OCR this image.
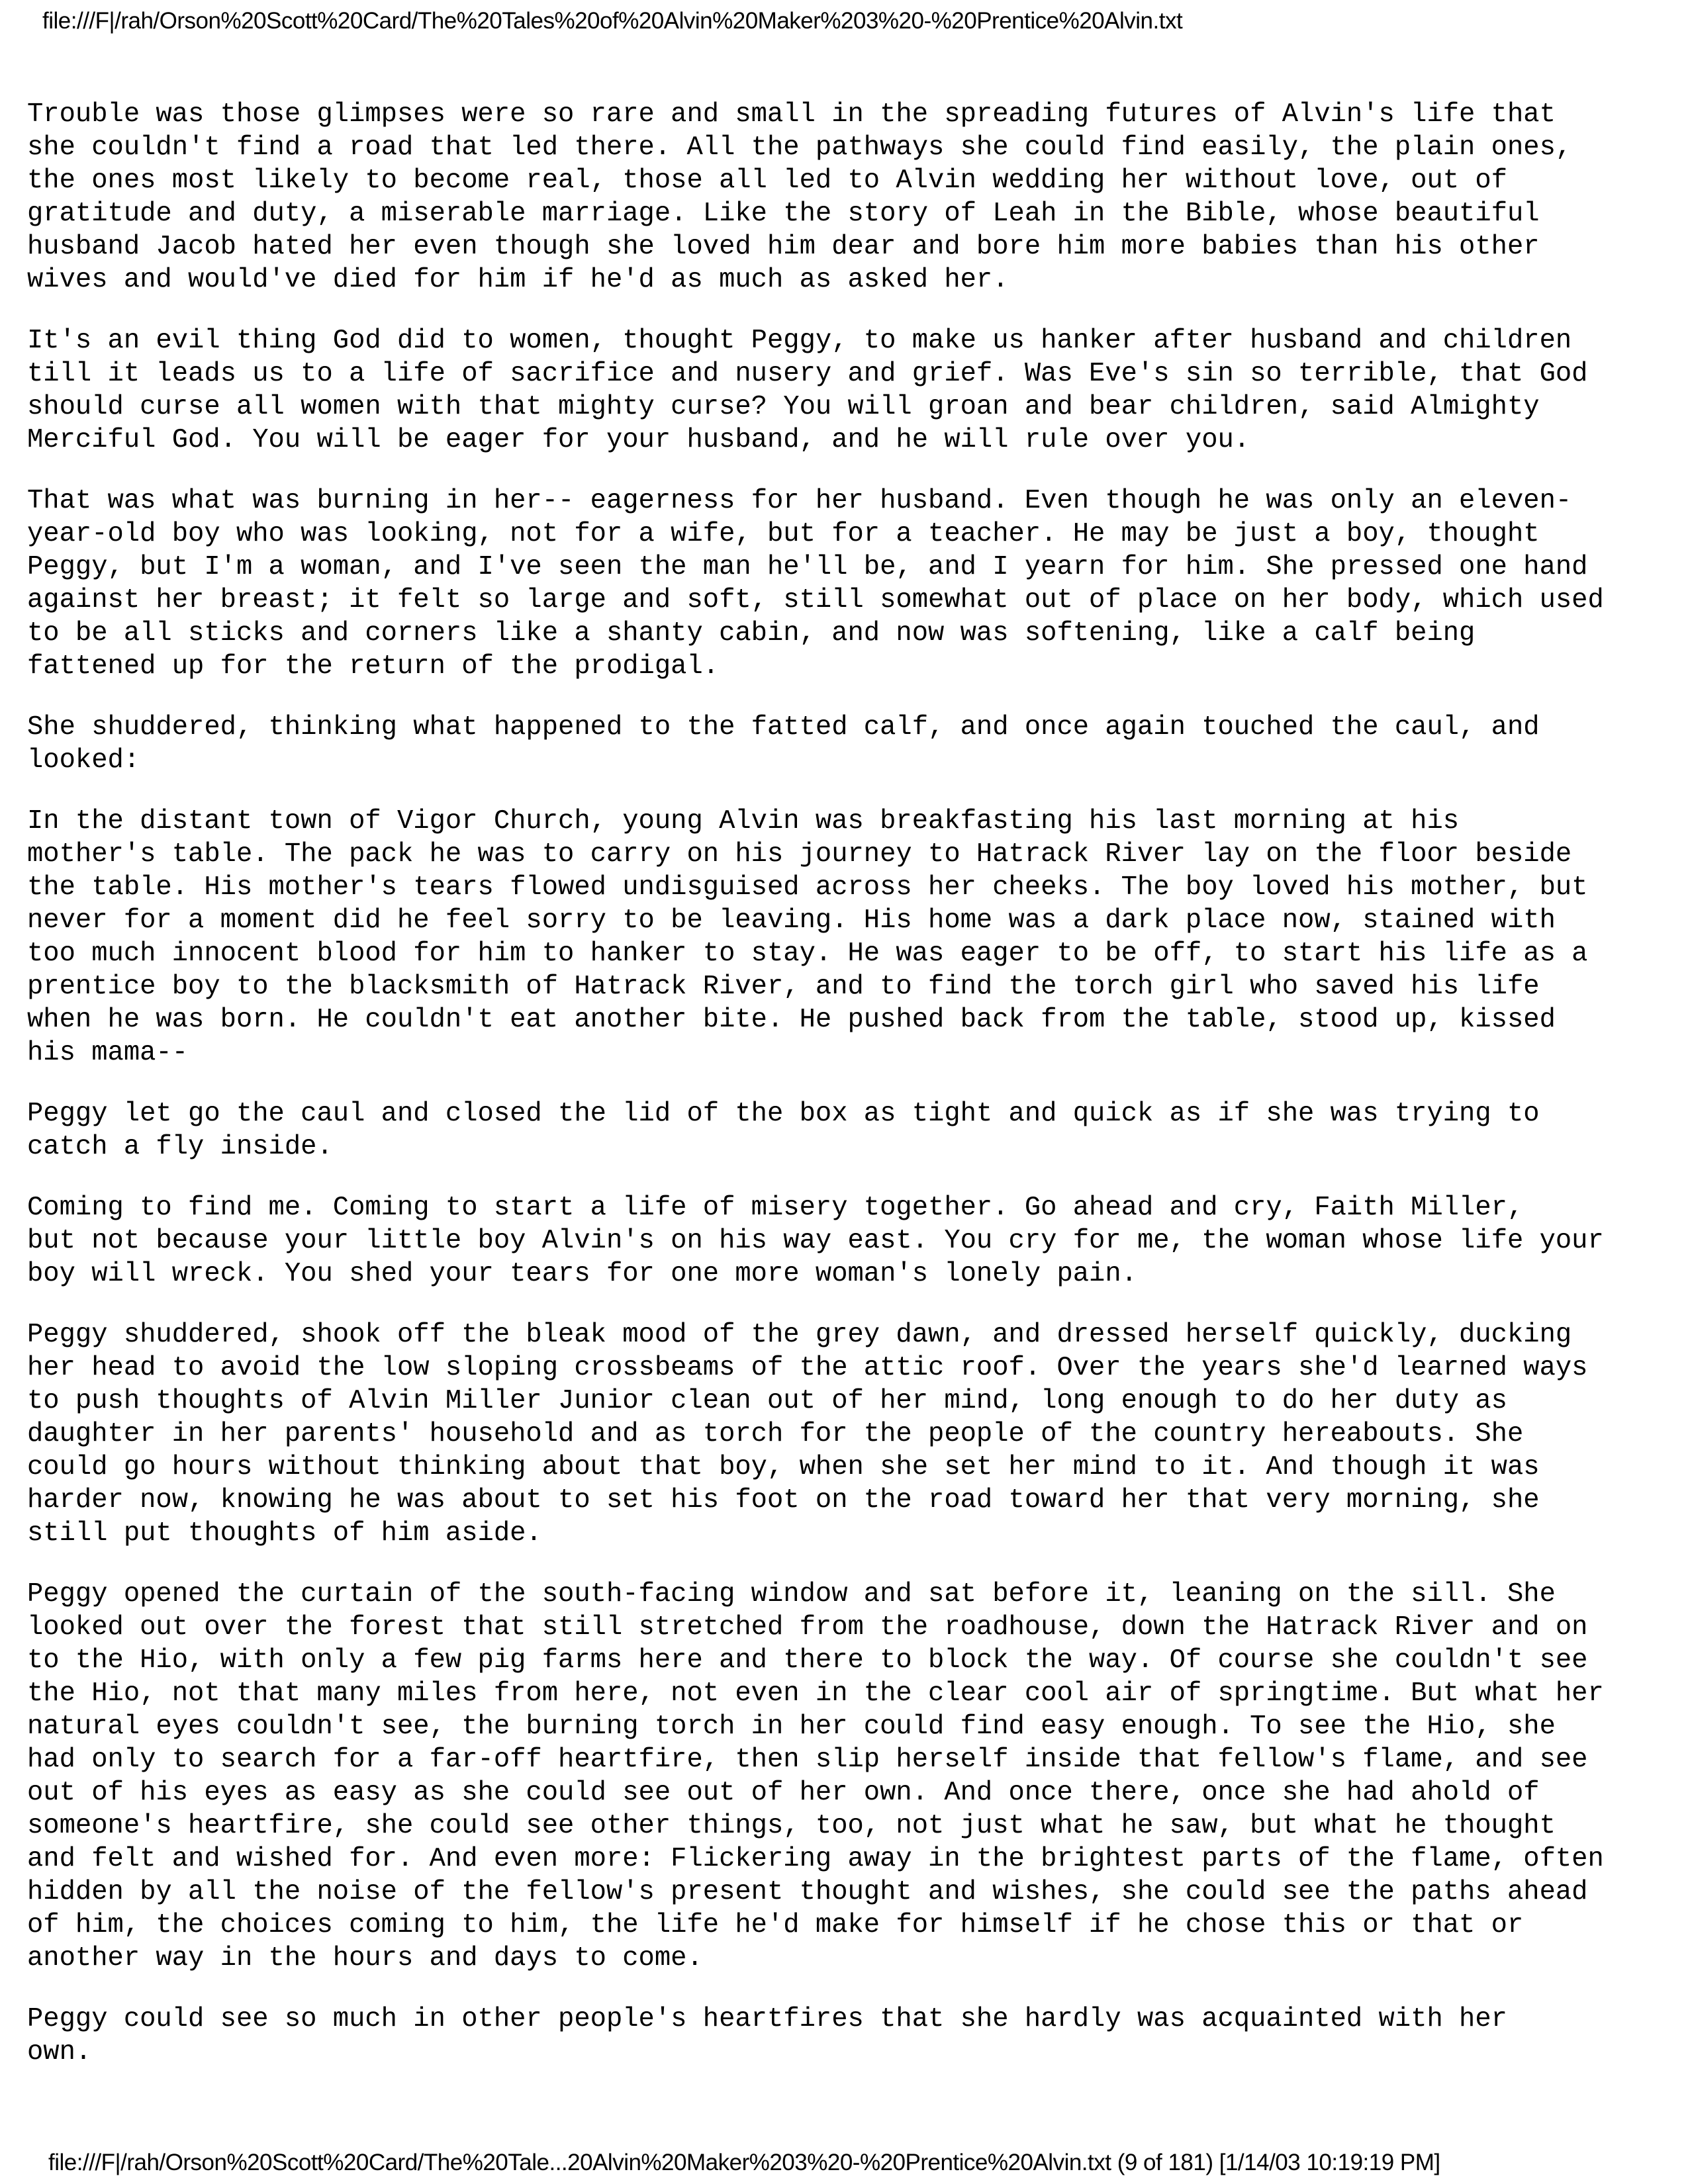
file:///F|/rah/Orson%20Scott%20Card/The%20Tales%20of%20Alvin%20Maker%203%20-%20Prentice%20Alvin.txt

Trouble was those glimpses were so rare and small in the spreading futures of Alvin's life that
she couldn't find a road that led there. All the pathways she could find easily, the plain ones,
the ones most likely to become real, those all led to Alvin wedding her without love, out of
gratitude and duty, a miserable marriage. Like the story of Leah in the Bible, whose beautiful
husband Jacob hated her even though she loved him dear and bore him more babies than his other
wives and would've died for him if he'd as much as asked her.

It's an evil thing God did to women, thought Peggy, to make us hanker after husband and children
till it leads us to a life of sacrifice and nusery and grief. Was Eve's sin so terrible, that God
should curse all women with that mighty curse? You will groan and bear children, said Almighty
Merciful God. You will be eager for your husband, and he will rule over you.

That was what was burning in her-- eagerness for her husband. Even though he was only an eleven-
year-old boy who was looking, not for a wife, but for a teacher. He may be just a boy, thought
Peggy, but I'm a woman, and I've seen the man he'll be, and I yearn for him. She pressed one hand
against her breast; it felt so large and soft, still somewhat out of place on her body, which used
to be all sticks and corners like a shanty cabin, and now was softening, like a calf being
fattened up for the return of the prodigal.

She shuddered, thinking what happened to the fatted calf, and once again touched the caul, and
looked:

In the distant town of Vigor Church, young Alvin was breakfasting his last morning at his
mother's table. The pack he was to carry on his journey to Hatrack River lay on the floor beside
the table. His mother's tears flowed undisguised across her cheeks. The boy loved his mother, but
never for a moment did he feel sorry to be leaving. His home was a dark place now, stained with
too much innocent blood for him to hanker to stay. He was eager to be off, to start his life as a
prentice boy to the blacksmith of Hatrack River, and to find the torch girl who saved his life
when he was born. He couldn't eat another bite. He pushed back from the table, stood up, kissed
his mama--

Peggy let go the caul and closed the lid of the box as tight and quick as if she was trying to
catch a fly inside.

Coming to find me. Coming to start a life of misery together. Go ahead and cry, Faith Miller,
but not because your little boy Alvin's on his way east. You cry for me, the woman whose life your
boy will wreck. You shed your tears for one more woman's lonely pain.

Peggy shuddered, shook off the bleak mood of the grey dawn, and dressed herself quickly, ducking
her head to avoid the low sloping crossbeams of the attic roof. Over the years she'd learned ways
to push thoughts of Alvin Miller Junior clean out of her mind, long enough to do her duty as
daughter in her parents' household and as torch for the people of the country hereabouts. She
could go hours without thinking about that boy, when she set her mind to it. And though it was
harder now, knowing he was about to set his foot on the road toward her that very morning, she
still put thoughts of him aside.

Peggy opened the curtain of the south-facing window and sat before it, leaning on the sill. She
looked out over the forest that still stretched from the roadhouse, down the Hatrack River and on
to the Hio, with only a few pig farms here and there to block the way. Of course she couldn't see
the Hio, not that many miles from here, not even in the clear cool air of springtime. But what her
natural eyes couldn't see, the burning torch in her could find easy enough. To see the Hio, she
had only to search for a far-off heartfire, then slip herself inside that fellow's flame, and see
out of his eyes as easy as she could see out of her own. And once there, once she had ahold of
someone's heartfire, she could see other things, too, not just what he saw, but what he thought
and felt and wished for. And even more: Flickering away in the brightest parts of the flame, often
hidden by all the noise of the fellow's present thought and wishes, she could see the paths ahead
of him, the choices coming to him, the life he'd make for himself if he chose this or that or
another way in the hours and days to come.

Peggy could see so much in other people's heartfires that she hardly was acquainted with her
own.

file:///F|/rah/Orson%20Scott%20Card/The%20Tale...20Alvin%20Maker%203%20-%20Prentice%20Alvin.txt (9 of 181) [1/14/03 10:19:19 PM]
